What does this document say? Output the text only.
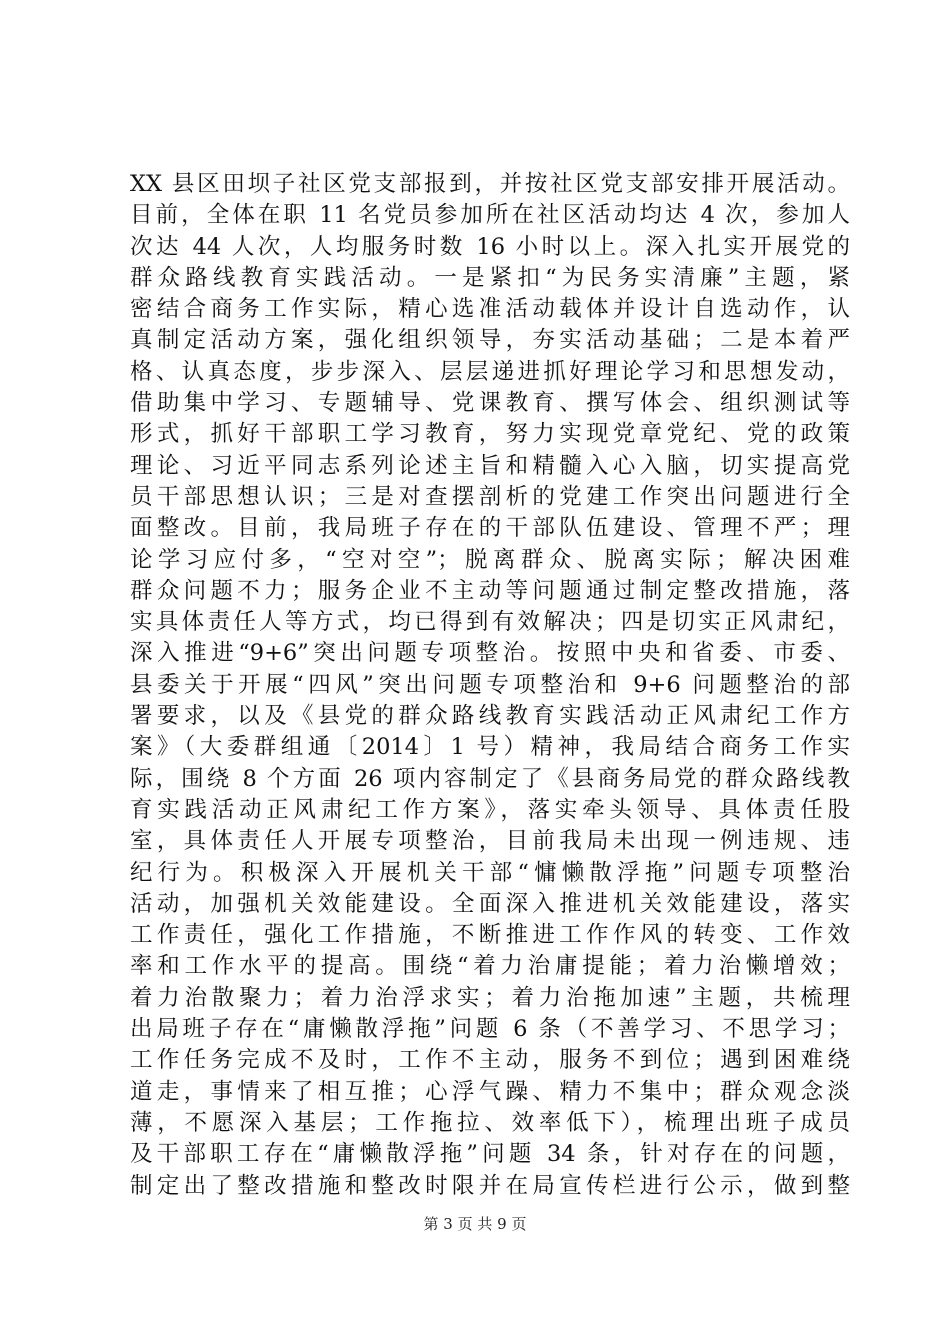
XX 县区田坝子社区党支部报到，并按社区党支部安排开展活动。
目前，全体在职 11 名党员参加所在社区活动均达 4 次，参加人
次达 44 人次，人均服务时数 16 小时以上。深入扎实开展党的
群众路线教育实践活动。一是紧扣“为民务实清廉”主题，紧
密结合商务工作实际，精心选准活动载体并设计自选动作，认
真制定活动方案，强化组织领导，夯实活动基础；二是本着严
格、认真态度，步步深入、层层递进抓好理论学习和思想发动，
借助集中学习、专题辅导、党课教育、撰写体会、组织测试等
形式，抓好干部职工学习教育，努力实现党章党纪、党的政策
理论、习近平同志系列论述主旨和精髓入心入脑，切实提高党
员干部思想认识；三是对查摆剖析的党建工作突出问题进行全
面整改。目前，我局班子存在的干部队伍建设、管理不严；理
论学习应付多，“空对空”；脱离群众、脱离实际；解决困难
群众问题不力；服务企业不主动等问题通过制定整改措施，落
实具体责任人等方式，均已得到有效解决；四是切实正风肃纪，
深入推进“9+6”突出问题专项整治。按照中央和省委、市委、
县委关于开展“四风”突出问题专项整治和 9+6 问题整治的部
署要求，以及《县党的群众路线教育实践活动正风肃纪工作方
案》（大委群组通〔2014〕1 号）精神，我局结合商务工作实
际，围绕 8 个方面 26 项内容制定了《县商务局党的群众路线教
育实践活动正风肃纪工作方案》，落实牵头领导、具体责任股
室，具体责任人开展专项整治，目前我局未出现一例违规、违
纪行为。积极深入开展机关干部“慵懒散浮拖”问题专项整治
活动，加强机关效能建设。全面深入推进机关效能建设，落实
工作责任，强化工作措施，不断推进工作作风的转变、工作效
率和工作水平的提高。围绕“着力治庸提能；着力治懒增效；
着力治散聚力；着力治浮求实；着力治拖加速”主题，共梳理
出局班子存在“庸懒散浮拖”问题 6 条（不善学习、不思学习；
工作任务完成不及时，工作不主动，服务不到位；遇到困难绕
道走，事情来了相互推；心浮气躁、精力不集中；群众观念淡
薄，不愿深入基层；工作拖拉、效率低下），梳理出班子成员
及干部职工存在“庸懒散浮拖”问题 34 条，针对存在的问题，
制定出了整改措施和整改时限并在局宣传栏进行公示，做到整
第 3 页 共 9 页
